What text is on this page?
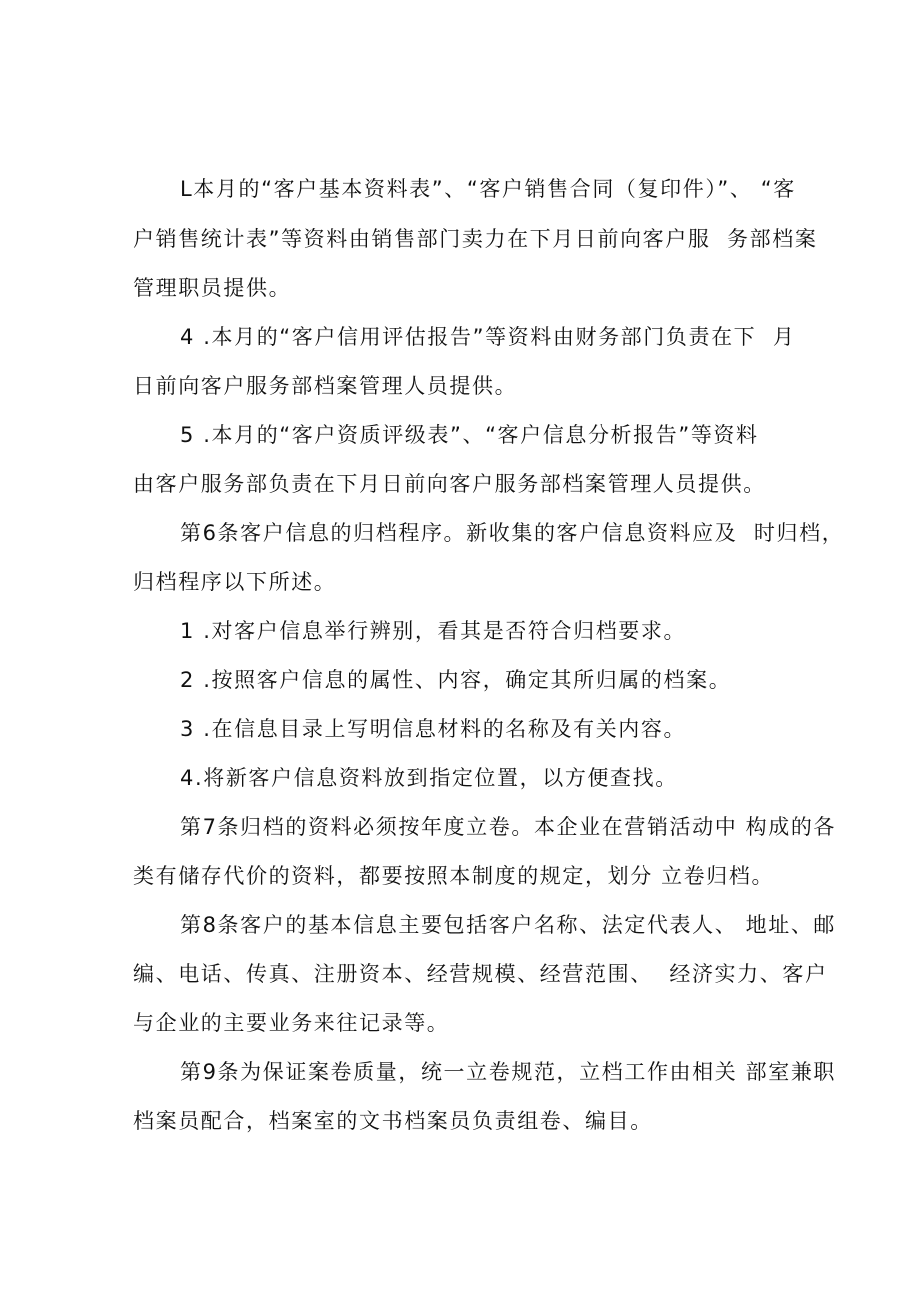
L本月的“客户基本资料表”、“客户销售合同（复印件）”、 “客
户销售统计表”等资料由销售部门卖力在下月日前向客户服  务部档案
管理职员提供。
4 .本月的“客户信用评估报告”等资料由财务部门负责在下  月
日前向客户服务部档案管理人员提供。
5 .本月的“客户资质评级表”、“客户信息分析报告”等资料
由客户服务部负责在下月日前向客户服务部档案管理人员提供。
第6条客户信息的归档程序。新收集的客户信息资料应及  时归档，
归档程序以下所述。
1 .对客户信息举行辨别，看其是否符合归档要求。
2 .按照客户信息的属性、内容，确定其所归属的档案。
3 .在信息目录上写明信息材料的名称及有关内容。
4.将新客户信息资料放到指定位置，以方便查找。
第7条归档的资料必须按年度立卷。本企业在营销活动中 构成的各
类有储存代价的资料，都要按照本制度的规定，划分 立卷归档。
第8条客户的基本信息主要包括客户名称、法定代表人、 地址、邮
编、电话、传真、注册资本、经营规模、经营范围、  经济实力、客户
与企业的主要业务来往记录等。
第9条为保证案卷质量，统一立卷规范，立档工作由相关 部室兼职
档案员配合，档案室的文书档案员负责组卷、编目。
